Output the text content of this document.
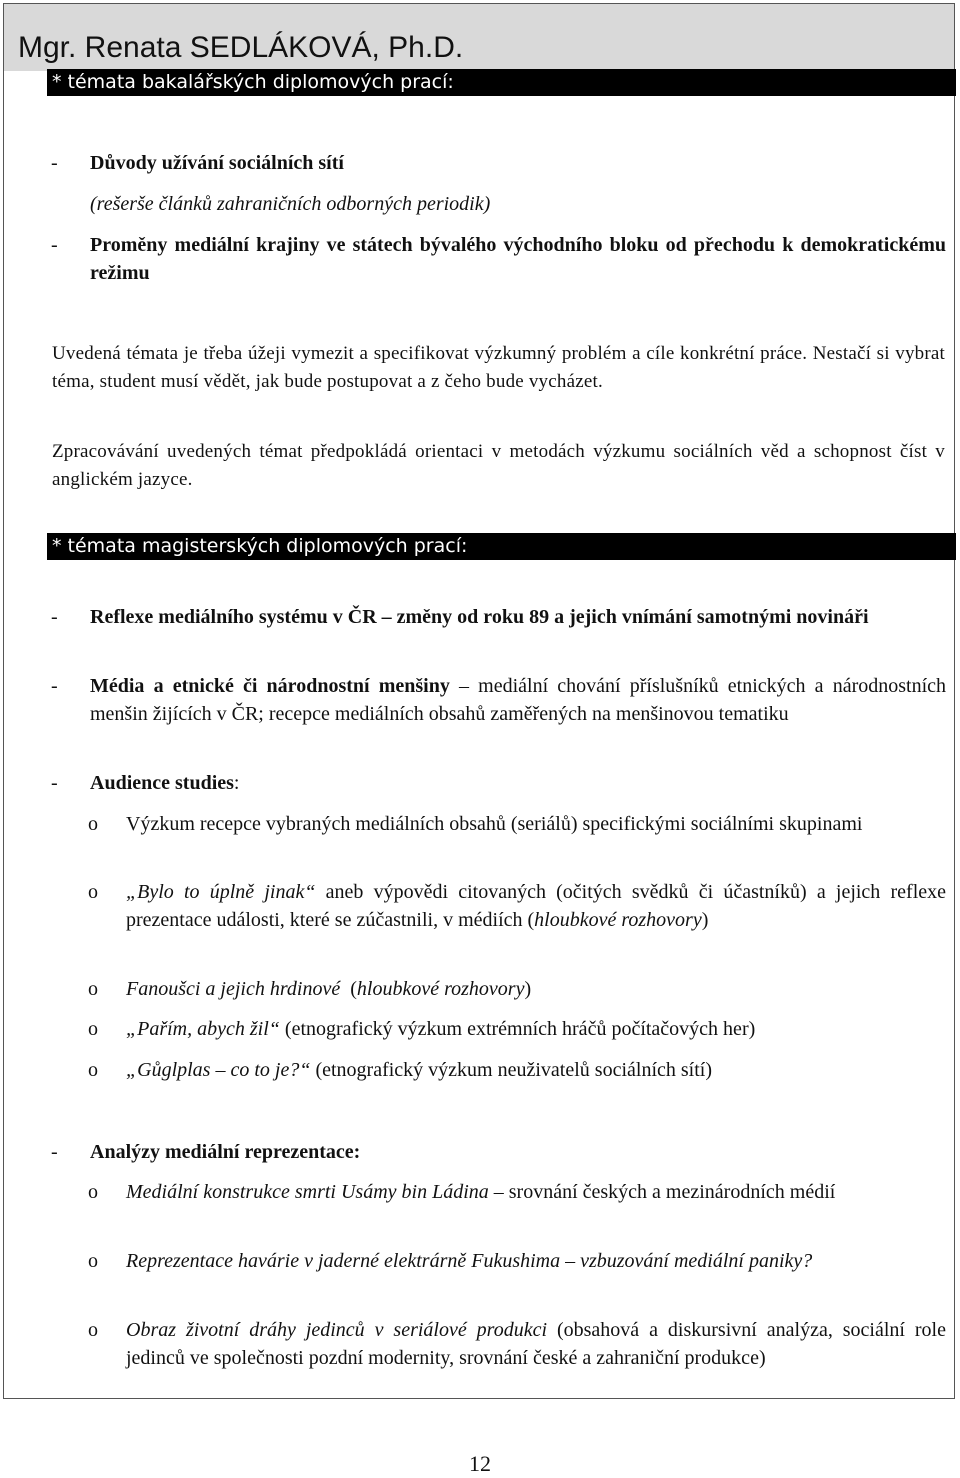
Mgr. Renata SEDLÁKOVÁ, Ph.D.
* témata bakalářských diplomových prací:
- Důvody užívání sociálních sítí
(rešerše článků zahraničních odborných periodik)
- Proměny mediální krajiny ve státech bývalého východního bloku od přechodu k demokratickému režimu
Uvedená témata je třeba úžeji vymezit a specifikovat výzkumný problém a cíle konkrétní práce. Nestačí si vybrat téma, student musí vědět, jak bude postupovat a z čeho bude vycházet.
Zpracovávání uvedených témat předpokládá orientaci v metodách výzkumu sociálních věd a schopnost číst v anglickém jazyce.
* témata magisterských diplomových prací:
- Reflexe mediálního systému v ČR – změny od roku 89 a jejich vnímání samotnými novináři
- Média a etnické či národnostní menšiny – mediální chování příslušníků etnických a národnostních menšin žijících v ČR; recepce mediálních obsahů zaměřených na menšinovou tematiku
- Audience studies:
o Výzkum recepce vybraných mediálních obsahů (seriálů) specifickými sociálními skupinami
o „Bylo to úplně jinak“ aneb výpovědi citovaných (očitých svědků či účastníků) a jejich reflexe prezentace události, které se zúčastnili, v médiích (hloubkové rozhovory)
o Fanoušci a jejich hrdinové  (hloubkové rozhovory)
o „Pařím, abych žil“ (etnografický výzkum extrémních hráčů počítačových her)
o „Gůglplas – co to je?“ (etnografický výzkum neuživatelů sociálních sítí)
- Analýzy mediální reprezentace:
o Mediální konstrukce smrti Usámy bin Ládina – srovnání českých a mezinárodních médií
o Reprezentace havárie v jaderné elektrárně Fukushima – vzbuzování mediální paniky?
o Obraz životní dráhy jedinců v seriálové produkci (obsahová a diskursivní analýza, sociální role jedinců ve společnosti pozdní modernity, srovnání české a zahraniční produkce)
12
